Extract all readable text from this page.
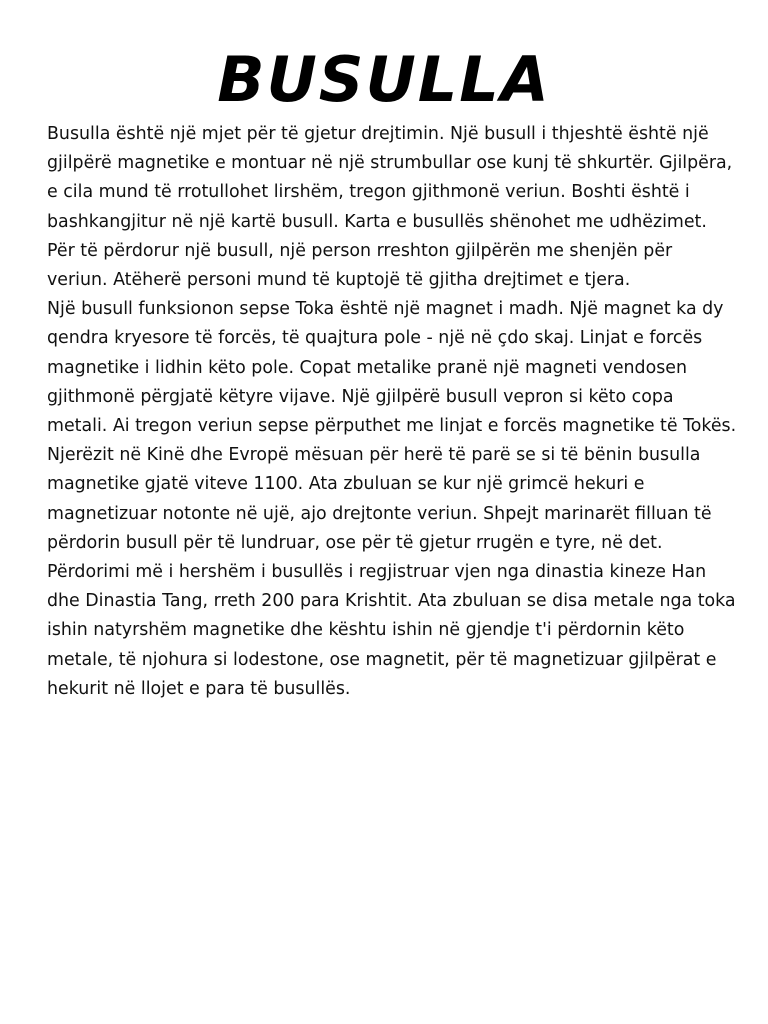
BUSULLA

Busulla është një mjet për të gjetur drejtimin. Një busull i thjeshtë është një gjilpërë magnetike e montuar në një strumbullar ose kunj të shkurtër. Gjilpëra, e cila mund të rrotullohet lirshëm, tregon gjithmonë veriun. Boshti është i bashkangjitur në një kartë busull. Karta e busullës shënohet me udhëzimet. Për të përdorur një busull, një person rreshton gjilpërën me shenjën për veriun. Atëherë personi mund të kuptojë të gjitha drejtimet e tjera.

Një busull funksionon sepse Toka është një magnet i madh. Një magnet ka dy qendra kryesore të forcës, të quajtura pole - një në çdo skaj. Linjat e forcës magnetike i lidhin këto pole. Copat metalike pranë një magneti vendosen gjithmonë përgjatë këtyre vijave. Një gjilpërë busull vepron si këto copa metali. Ai tregon veriun sepse përputhet me linjat e forcës magnetike të Tokës. Njerëzit në Kinë dhe Evropë mësuan për herë të parë se si të bënin busulla magnetike gjatë viteve 1100. Ata zbuluan se kur një grimcë hekuri e magnetizuar notonte në ujë, ajo drejtonte veriun. Shpejt marinarët filluan të përdorin busull për të lundruar, ose për të gjetur rrugën e tyre, në det. Përdorimi më i hershëm i busullës i regjistruar vjen nga dinastia kineze Han dhe Dinastia Tang, rreth 200 para Krishtit. Ata zbuluan se disa metale nga toka ishin natyrshëm magnetike dhe kështu ishin në gjendje t'i përdornin këto metale, të njohura si lodestone, ose magnetit, për të magnetizuar gjilpërat e hekurit në llojet e para të busullës.
